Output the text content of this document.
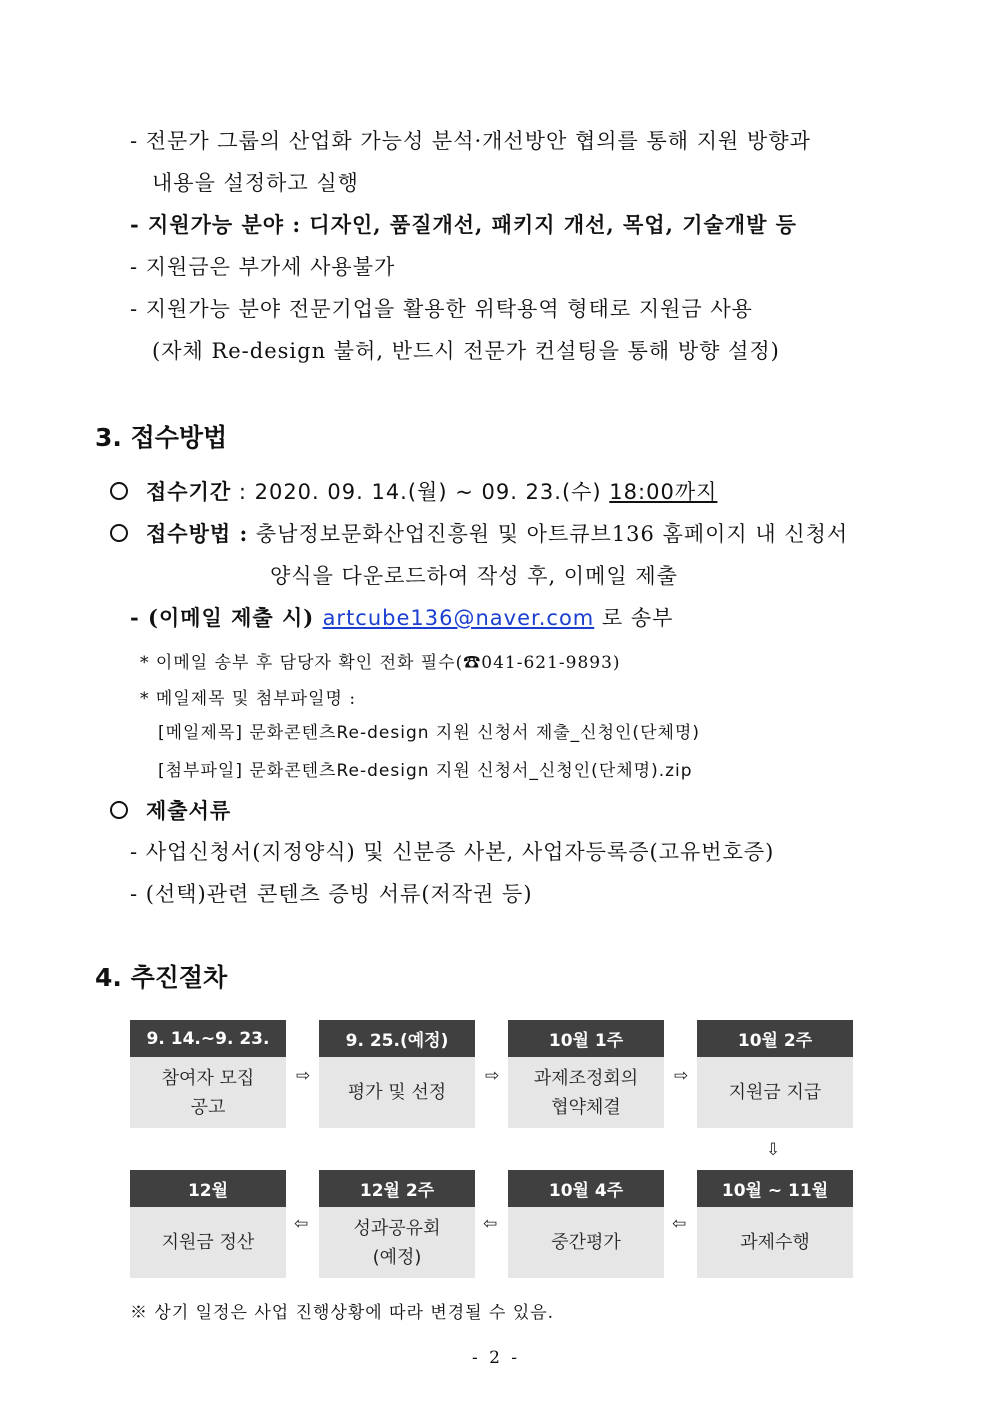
- 전문가 그룹의 산업화 가능성 분석·개선방안 협의를 통해 지원 방향과
내용을 설정하고 실행
- 지원가능 분야 : 디자인, 품질개선, 패키지 개선, 목업, 기술개발 등
- 지원금은 부가세 사용불가
- 지원가능 분야 전문기업을 활용한 위탁용역 형태로 지원금 사용
(자체 Re-design 불허, 반드시 전문가 컨설팅을 통해 방향 설정)
3. 접수방법
접수기간 : 2020. 09. 14.(월) ~ 09. 23.(수) 18:00까지
접수방법 : 충남정보문화산업진흥원 및 아트큐브136 홈페이지 내 신청서
양식을 다운로드하여 작성 후, 이메일 제출
- (이메일 제출 시) artcube136@naver.com 로 송부
* 이메일 송부 후 담당자 확인 전화 필수(☎041-621-9893)
* 메일제목 및 첨부파일명 :
[메일제목] 문화콘텐츠Re-design 지원 신청서 제출_신청인(단체명)
[첨부파일] 문화콘텐츠Re-design 지원 신청서_신청인(단체명).zip
제출서류
- 사업신청서(지정양식) 및 신분증 사본, 사업자등록증(고유번호증)
- (선택)관련 콘텐츠 증빙 서류(저작권 등)
4. 추진절차
9. 14.~9. 23.
참여자 모집
공고
⇨
9. 25.(예정)
평가 및 선정
⇨
10월 1주
과제조정회의
협약체결
⇨
10월 2주
지원금 지급
⇩
12월
지원금 정산
⇦
12월 2주
성과공유회
(예정)
⇦
10월 4주
중간평가
⇦
10월 ~ 11월
과제수행
※ 상기 일정은 사업 진행상황에 따라 변경될 수 있음.
- 2 -
